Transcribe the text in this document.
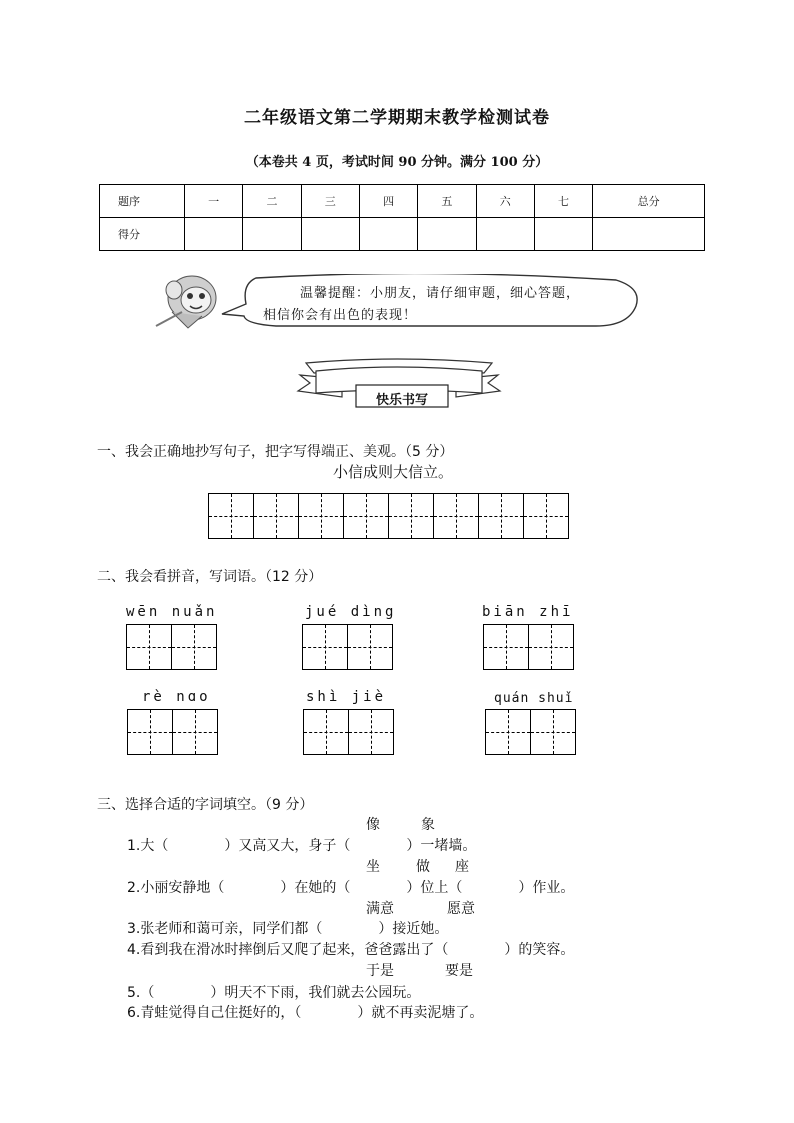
二年级语文第二学期期末教学检测试卷
（本卷共 4 页，考试时间 90 分钟。满分 100 分）
题序	一	二	三	四	五	六	七	总分
得分								
温馨提醒：小朋友，请仔细审题，细心答题，
相信你会有出色的表现！
快乐书写
一、我会正确地抄写句子，把字写得端正、美观。（5 分）
小信成则大信立。
二、我会看拼音，写词语。（12 分）
wēn nuǎn	jué dìng	biān zhī
rè nɑo	shì jiè	quán shuǐ
三、选择合适的字词填空。（9 分）
像	象
1.大（　　　　）又高又大，身子（　　　　）一堵墙。
坐	做 座
2.小丽安静地（　　　　）在她的（　　　　）位上（　　　　）作业。
满意	愿意
3.张老师和蔼可亲，同学们都（　　　　）接近她。
4.看到我在滑冰时摔倒后又爬了起来，爸爸露出了（　　　　）的笑容。
于是	要是
5.（　　　　）明天不下雨，我们就去公园玩。
6.青蛙觉得自己住挺好的，（　　　　）就不再卖泥塘了。
